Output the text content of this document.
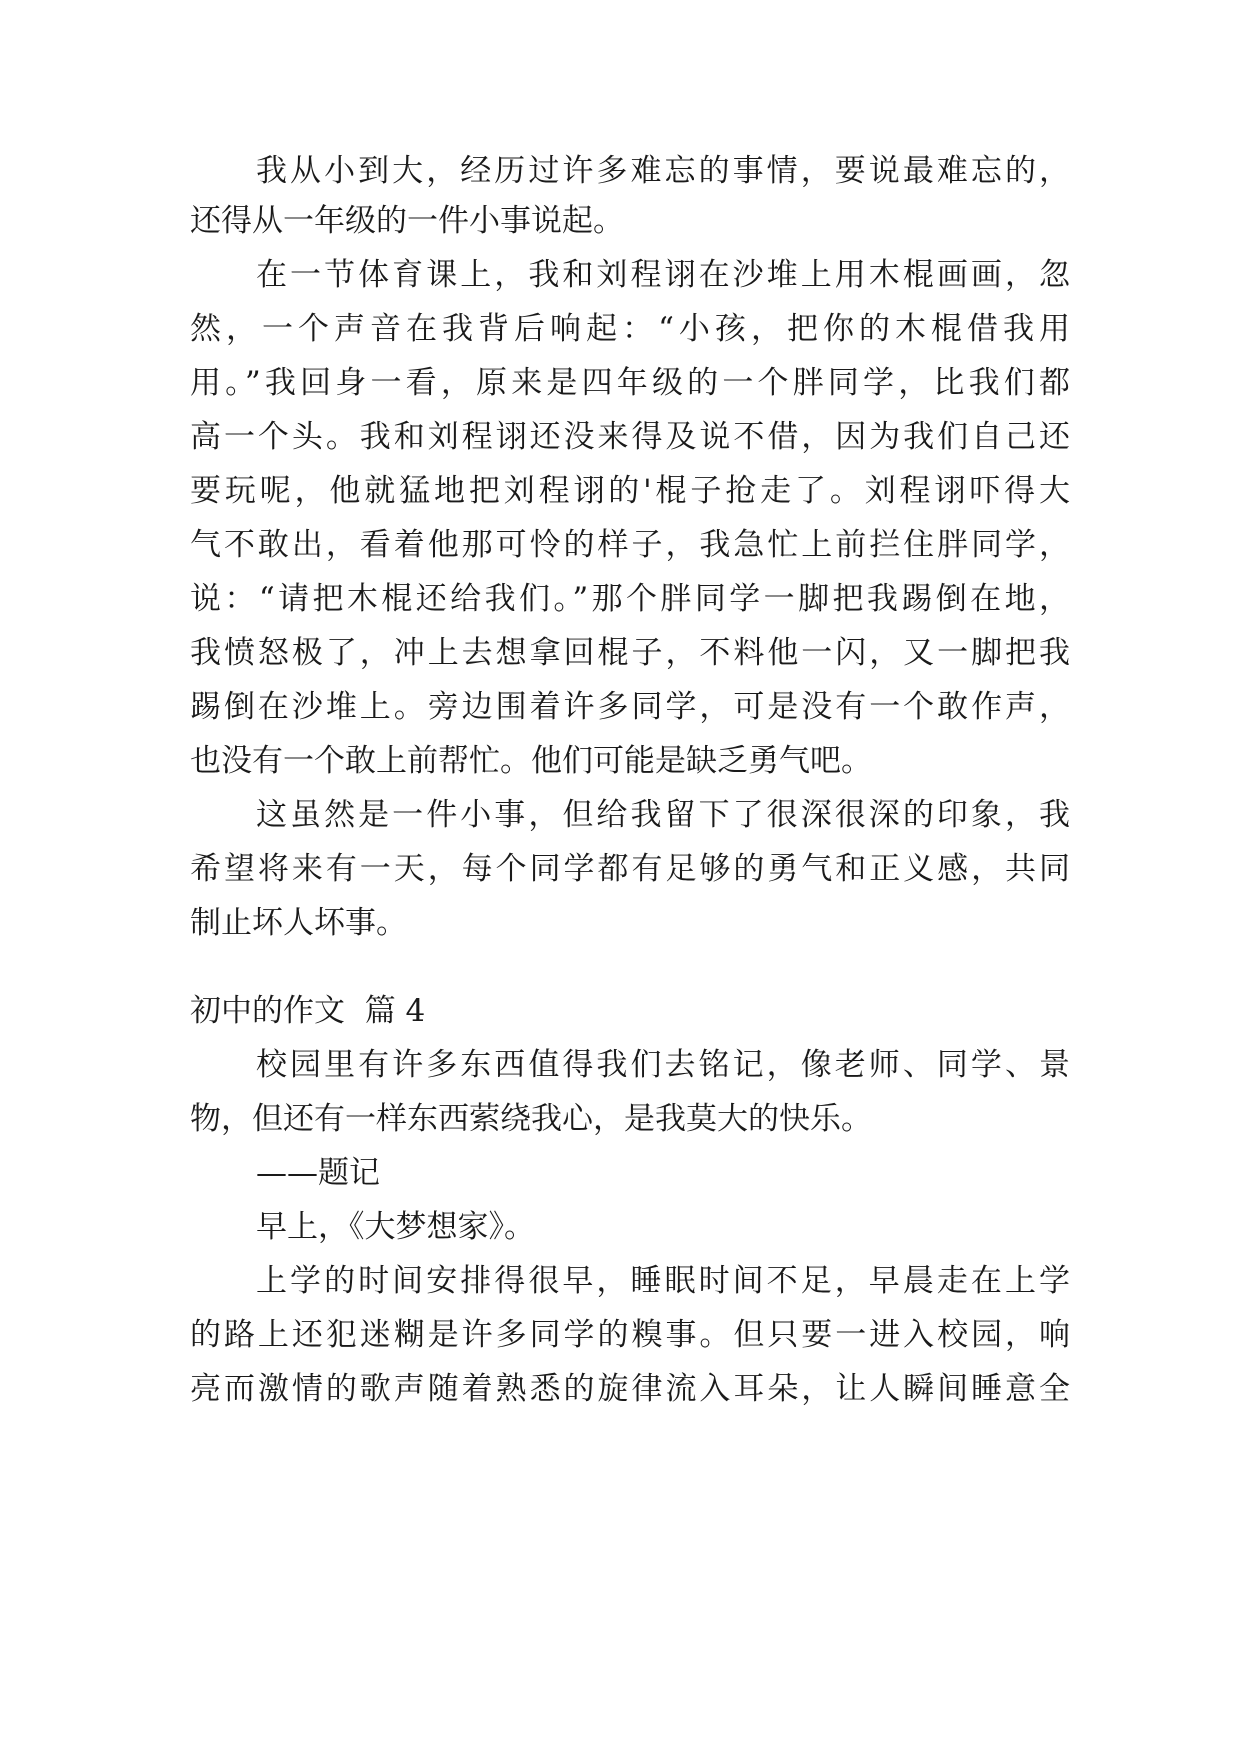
我从小到大，经历过许多难忘的事情，要说最难忘的，
还得从一年级的一件小事说起。
在一节体育课上，我和刘程诩在沙堆上用木棍画画，忽
然，一个声音在我背后响起：“小孩，把你的木棍借我用
用。”我回身一看，原来是四年级的一个胖同学，比我们都
高一个头。我和刘程诩还没来得及说不借，因为我们自己还
要玩呢，他就猛地把刘程诩的'棍子抢走了。刘程诩吓得大
气不敢出，看着他那可怜的样子，我急忙上前拦住胖同学，
说：“请把木棍还给我们。”那个胖同学一脚把我踢倒在地，
我愤怒极了，冲上去想拿回棍子，不料他一闪，又一脚把我
踢倒在沙堆上。旁边围着许多同学，可是没有一个敢作声，
也没有一个敢上前帮忙。他们可能是缺乏勇气吧。
这虽然是一件小事，但给我留下了很深很深的印象，我
希望将来有一天，每个同学都有足够的勇气和正义感，共同
制止坏人坏事。
初中的作文  篇 4
校园里有许多东西值得我们去铭记，像老师、同学、景
物，但还有一样东西萦绕我心，是我莫大的快乐。
——题记
早上，《大梦想家》。
上学的时间安排得很早，睡眠时间不足，早晨走在上学
的路上还犯迷糊是许多同学的糗事。但只要一进入校园，响
亮而激情的歌声随着熟悉的旋律流入耳朵，让人瞬间睡意全
